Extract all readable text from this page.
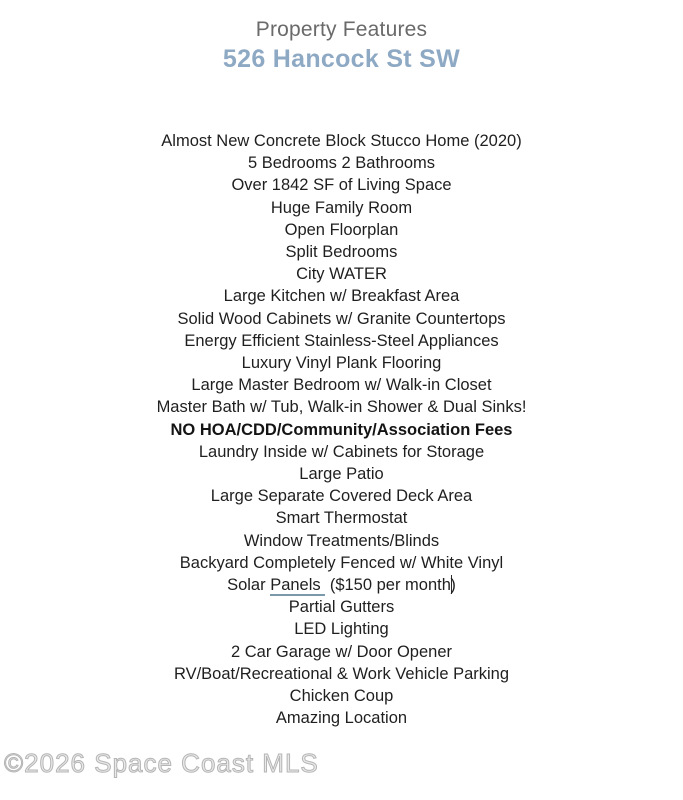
Property Features
526 Hancock St SW
Almost New Concrete Block Stucco Home (2020)
5 Bedrooms 2 Bathrooms
Over 1842 SF of Living Space
Huge Family Room
Open Floorplan
Split Bedrooms
City WATER
Large Kitchen w/ Breakfast Area
Solid Wood Cabinets w/ Granite Countertops
Energy Efficient Stainless-Steel Appliances
Luxury Vinyl Plank Flooring
Large Master Bedroom w/ Walk-in Closet
Master Bath w/ Tub, Walk-in Shower & Dual Sinks!
NO HOA/CDD/Community/Association Fees
Laundry Inside w/ Cabinets for Storage
Large Patio
Large Separate Covered Deck Area
Smart Thermostat
Window Treatments/Blinds
Backyard Completely Fenced w/ White Vinyl
Solar Panels  ($150 per month)
Partial Gutters
LED Lighting
2 Car Garage w/ Door Opener
RV/Boat/Recreational & Work Vehicle Parking
Chicken Coup
Amazing Location
©2026 Space Coast MLS
